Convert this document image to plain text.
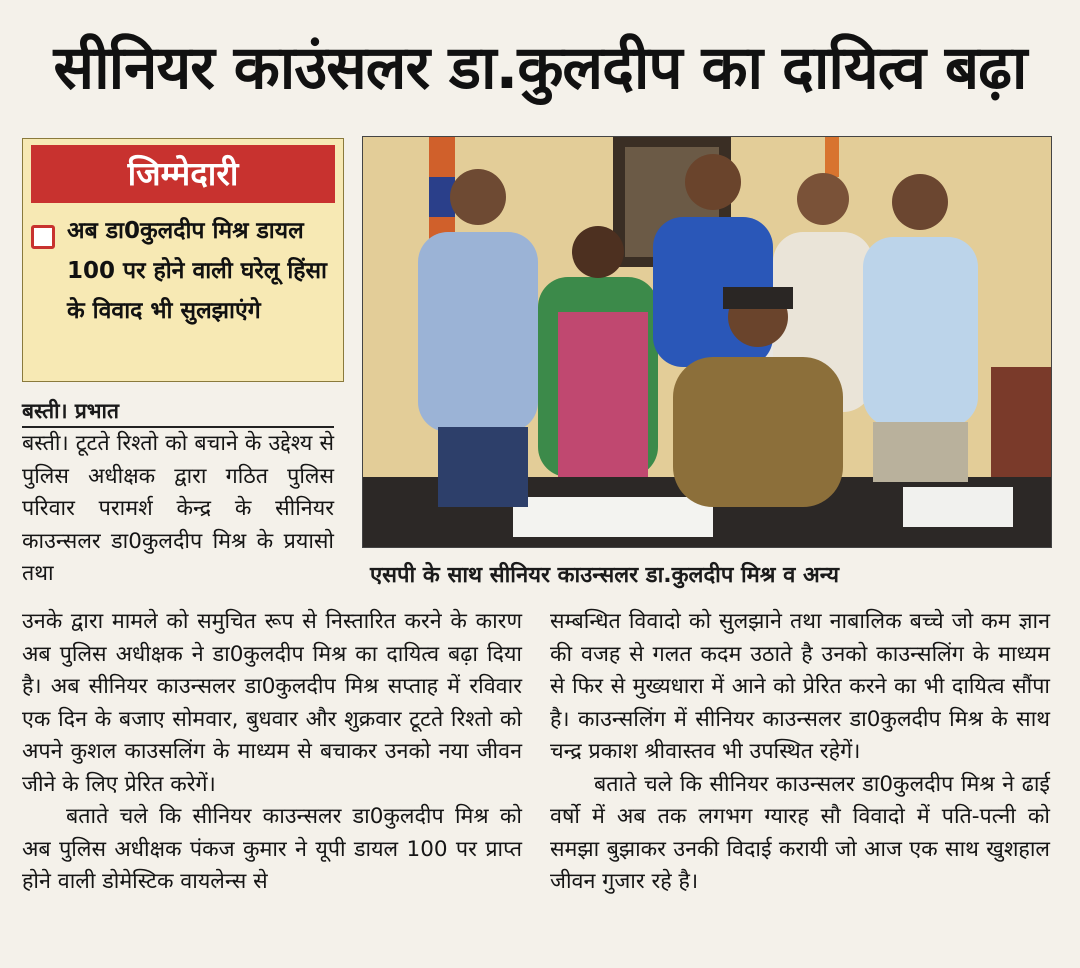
सीनियर काउंसलर डा.कुलदीप का दायित्व बढ़ा
जिम्मेदारी
अब डा0कुलदीप मिश्र डायल 100 पर होने वाली घरेलू हिंसा के विवाद भी सुलझाएंगे
बस्ती। प्रभात
बस्ती। टूटते रिश्तो को बचाने के उद्देश्य से पुलिस अधीक्षक द्वारा गठित पुलिस परिवार परामर्श केन्द्र के सीनियर काउन्सलर डा0कुलदीप मिश्र के प्रयासो तथा	एसपी के साथ सीनियर काउन्सलर डा.कुलदीप मिश्र व अन्य
उनके द्वारा मामले को समुचित रूप से निस्तारित करने के कारण अब पुलिस अधीक्षक ने डा0कुलदीप मिश्र का दायित्व बढ़ा दिया है। अब सीनियर काउन्सलर डा0कुलदीप मिश्र सप्ताह में रविवार एक दिन के बजाए सोमवार, बुधवार और शुक्रवार टूटते रिश्तो को अपने कुशल काउसलिंग के माध्यम से बचाकर उनको नया जीवन जीने के लिए प्रेरित करेगें।
बताते चले कि सीनियर काउन्सलर डा0कुलदीप मिश्र को अब पुलिस अधीक्षक पंकज कुमार ने यूपी डायल 100 पर प्राप्त होने वाली डोमेस्टिक वायलेन्स से
सम्बन्धित विवादो को सुलझाने तथा नाबालिक बच्चे जो कम ज्ञान की वजह से गलत कदम उठाते है उनको काउन्सलिंग के माध्यम से फिर से मुख्यधारा में आने को प्रेरित करने का भी दायित्व सौंपा है। काउन्सलिंग में सीनियर काउन्सलर डा0कुलदीप मिश्र के साथ चन्द्र प्रकाश श्रीवास्तव भी उपस्थित रहेगें।
बताते चले कि सीनियर काउन्सलर डा0कुलदीप मिश्र ने ढाई वर्षो में अब तक लगभग ग्यारह सौ विवादो में पति-पत्नी को समझा बुझाकर उनकी विदाई करायी जो आज एक साथ खुशहाल जीवन गुजार रहे है।
